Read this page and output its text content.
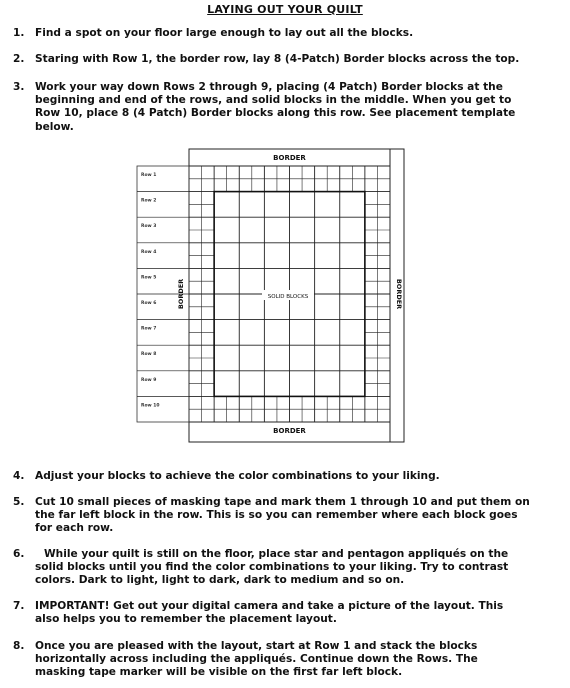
LAYING OUT YOUR QUILT
1. Find a spot on your floor large enough to lay out all the blocks.
2. Staring with Row 1, the border row, lay 8 (4-Patch) Border blocks across the top.
3. Work your way down Rows 2 through 9, placing (4 Patch) Border blocks at the
beginning and end of the rows, and solid blocks in the middle. When you get to
Row 10, place 8 (4 Patch) Border blocks along this row. See placement template
below.
BORDER
BORDER
Row 1
Row 2
Row 3
Row 4
Row 5
Row 6
Row 7
Row 8
Row 9
Row 10
BORDER	BORDER
SOLID BLOCKS
4. Adjust your blocks to achieve the color combinations to your liking.
5. Cut 10 small pieces of masking tape and mark them 1 through 10 and put them on
the far left block in the row. This is so you can remember where each block goes
for each row.
6. While your quilt is still on the floor, place star and pentagon appliqués on the
solid blocks until you find the color combinations to your liking. Try to contrast
colors. Dark to light, light to dark, dark to medium and so on.
7. IMPORTANT! Get out your digital camera and take a picture of the layout. This
also helps you to remember the placement layout.
8. Once you are pleased with the layout, start at Row 1 and stack the blocks
horizontally across including the appliqués. Continue down the Rows. The
masking tape marker will be visible on the first far left block.
